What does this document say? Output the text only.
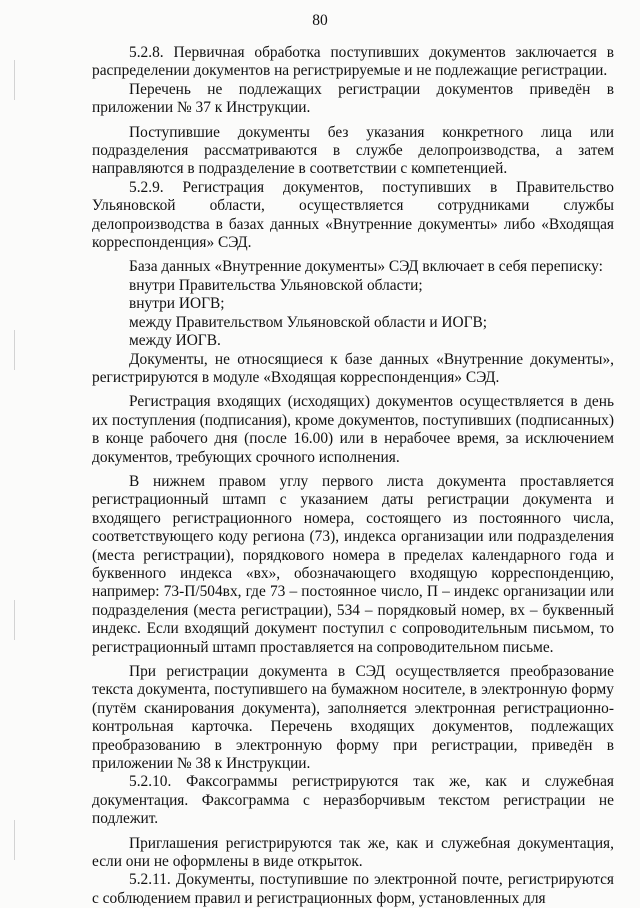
80

5.2.8. Первичная обработка поступивших документов заключается в распределении документов на регистрируемые и не подлежащие регистрации.

Перечень не подлежащих регистрации документов приведён в приложении № 37 к Инструкции.

Поступившие документы без указания конкретного лица или подразделения рассматриваются в службе делопроизводства, а затем направляются в подразделение в соответствии с компетенцией.

5.2.9. Регистрация документов, поступивших в Правительство Ульяновской области, осуществляется сотрудниками службы делопроизводства в базах данных «Внутренние документы» либо «Входящая корреспонденция» СЭД.

База данных «Внутренние документы» СЭД включает в себя переписку:

внутри Правительства Ульяновской области;

внутри ИОГВ;

между Правительством Ульяновской области и ИОГВ;

между ИОГВ.

Документы, не относящиеся к базе данных «Внутренние документы», регистрируются в модуле «Входящая корреспонденция» СЭД.

Регистрация входящих (исходящих) документов осуществляется в день их поступления (подписания), кроме документов, поступивших (подписанных) в конце рабочего дня (после 16.00) или в нерабочее время, за исключением документов, требующих срочного исполнения.

В нижнем правом углу первого листа документа проставляется регистрационный штамп с указанием даты регистрации документа и входящего регистрационного номера, состоящего из постоянного числа, соответствующего коду региона (73), индекса организации или подразделения (места регистрации), порядкового номера в пределах календарного года и буквенного индекса «вх», обозначающего входящую корреспонденцию, например: 73-П/504вх, где 73 – постоянное число, П – индекс организации или подразделения (места регистрации), 534 – порядковый номер, вх – буквенный индекс. Если входящий документ поступил с сопроводительным письмом, то регистрационный штамп проставляется на сопроводительном письме.

При регистрации документа в СЭД осуществляется преобразование текста документа, поступившего на бумажном носителе, в электронную форму (путём сканирования документа), заполняется электронная регистрационно-контрольная карточка. Перечень входящих документов, подлежащих преобразованию в электронную форму при регистрации, приведён в приложении № 38 к Инструкции.

5.2.10. Факсограммы регистрируются так же, как и служебная документация. Факсограмма с неразборчивым текстом регистрации не подлежит.

Приглашения регистрируются так же, как и служебная документация, если они не оформлены в виде открыток.

5.2.11. Документы, поступившие по электронной почте, регистрируются с соблюдением правил и регистрационных форм, установленных для
